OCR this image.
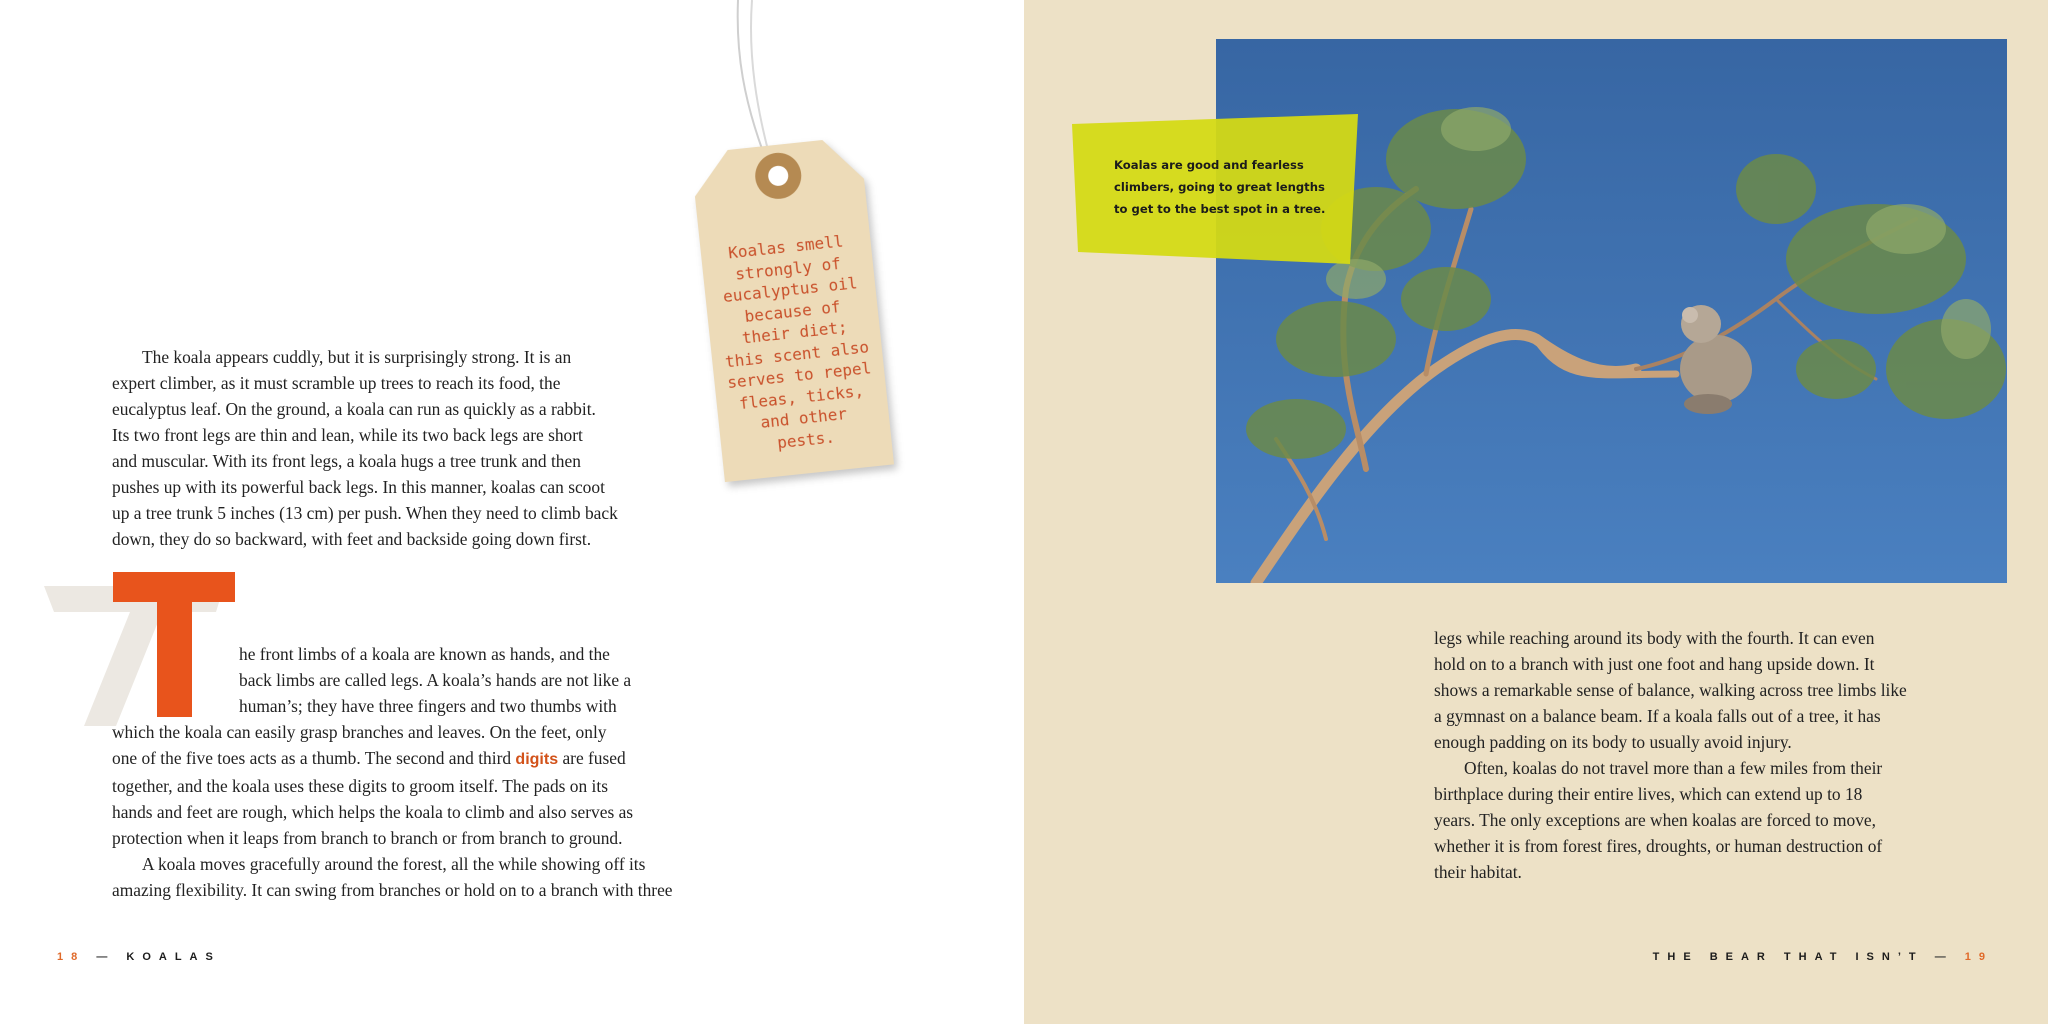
The koala appears cuddly, but it is surprisingly strong. It is an
expert climber, as it must scramble up trees to reach its food, the
eucalyptus leaf. On the ground, a koala can run as quickly as a rabbit.
Its two front legs are thin and lean, while its two back legs are short
and muscular. With its front legs, a koala hugs a tree trunk and then
pushes up with its powerful back legs. In this manner, koalas can scoot
up a tree trunk 5 inches (13 cm) per push. When they need to climb back
down, they do so backward, with feet and backside going down first.
he front limbs of a koala are known as hands, and the
back limbs are called legs. A koala’s hands are not like a
human’s; they have three fingers and two thumbs with
which the koala can easily grasp branches and leaves. On the feet, only
one of the five toes acts as a thumb. The second and third digits are fused
together, and the koala uses these digits to groom itself. The pads on its
hands and feet are rough, which helps the koala to climb and also serves as
protection when it leaps from branch to branch or from branch to ground.
A koala moves gracefully around the forest, all the while showing off its
amazing flexibility. It can swing from branches or hold on to a branch with three
Koalas smell strongly of eucalyptus oil because of their diet; this scent also serves to repel fleas, ticks, and other pests.
18 — KOALAS
Koalas are good and fearless
climbers, going to great lengths
to get to the best spot in a tree.
legs while reaching around its body with the fourth. It can even
hold on to a branch with just one foot and hang upside down. It
shows a remarkable sense of balance, walking across tree limbs like
a gymnast on a balance beam. If a koala falls out of a tree, it has
enough padding on its body to usually avoid injury.
Often, koalas do not travel more than a few miles from their
birthplace during their entire lives, which can extend up to 18
years. The only exceptions are when koalas are forced to move,
whether it is from forest fires, droughts, or human destruction of
their habitat.
THE BEAR THAT ISN’T — 19
